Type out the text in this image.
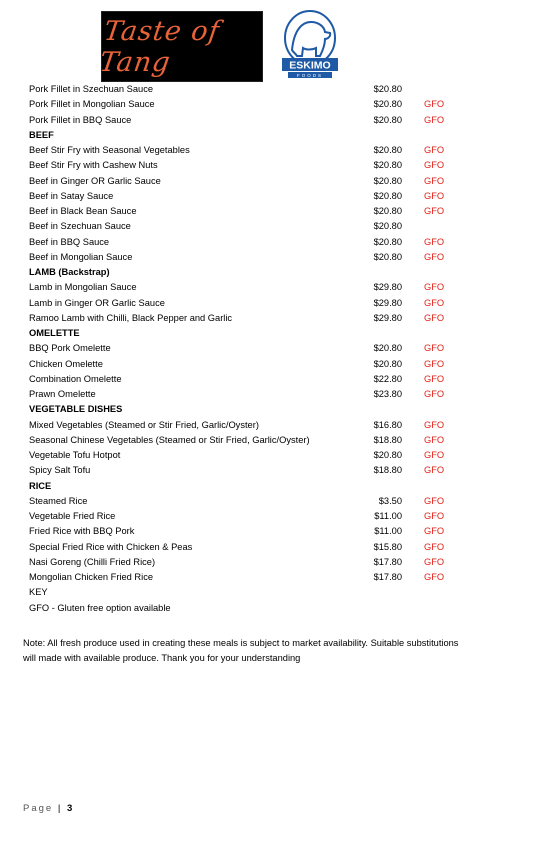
Taste of Tang	ESKIMO
FOODS
Pork Fillet in Szechuan Sauce	$20.80
Pork Fillet in Mongolian Sauce	$20.80 GFO
Pork Fillet in BBQ Sauce	$20.80 GFO
BEEF
Beef Stir Fry with Seasonal Vegetables	$20.80 GFO
Beef Stir Fry with Cashew Nuts	$20.80 GFO
Beef in Ginger OR Garlic Sauce	$20.80 GFO
Beef in Satay Sauce	$20.80 GFO
Beef in Black Bean Sauce	$20.80 GFO
Beef in Szechuan Sauce	$20.80
Beef in BBQ Sauce	$20.80 GFO
Beef in Mongolian Sauce	$20.80 GFO
LAMB (Backstrap)
Lamb in Mongolian Sauce	$29.80 GFO
Lamb in Ginger OR Garlic Sauce	$29.80 GFO
Ramoo Lamb with Chilli, Black Pepper and Garlic	$29.80 GFO
OMELETTE
BBQ Pork Omelette	$20.80 GFO
Chicken Omelette	$20.80 GFO
Combination Omelette	$22.80 GFO
Prawn Omelette	$23.80 GFO
VEGETABLE DISHES
Mixed Vegetables (Steamed or Stir Fried, Garlic/Oyster)	$16.80 GFO
Seasonal Chinese Vegetables (Steamed or Stir Fried, Garlic/Oyster)	$18.80 GFO
Vegetable Tofu Hotpot	$20.80 GFO
Spicy Salt Tofu	$18.80 GFO
RICE
Steamed Rice	$3.50 GFO
Vegetable Fried Rice	$11.00 GFO
Fried Rice with BBQ Pork	$11.00 GFO
Special Fried Rice with Chicken & Peas	$15.80 GFO
Nasi Goreng (Chilli Fried Rice)	$17.80 GFO
Mongolian Chicken Fried Rice	$17.80 GFO
KEY
GFO - Gluten free option available
Note: All fresh produce used in creating these meals is subject to market availability. Suitable substitutions will made with available produce. Thank you for your understanding
Page | 3
